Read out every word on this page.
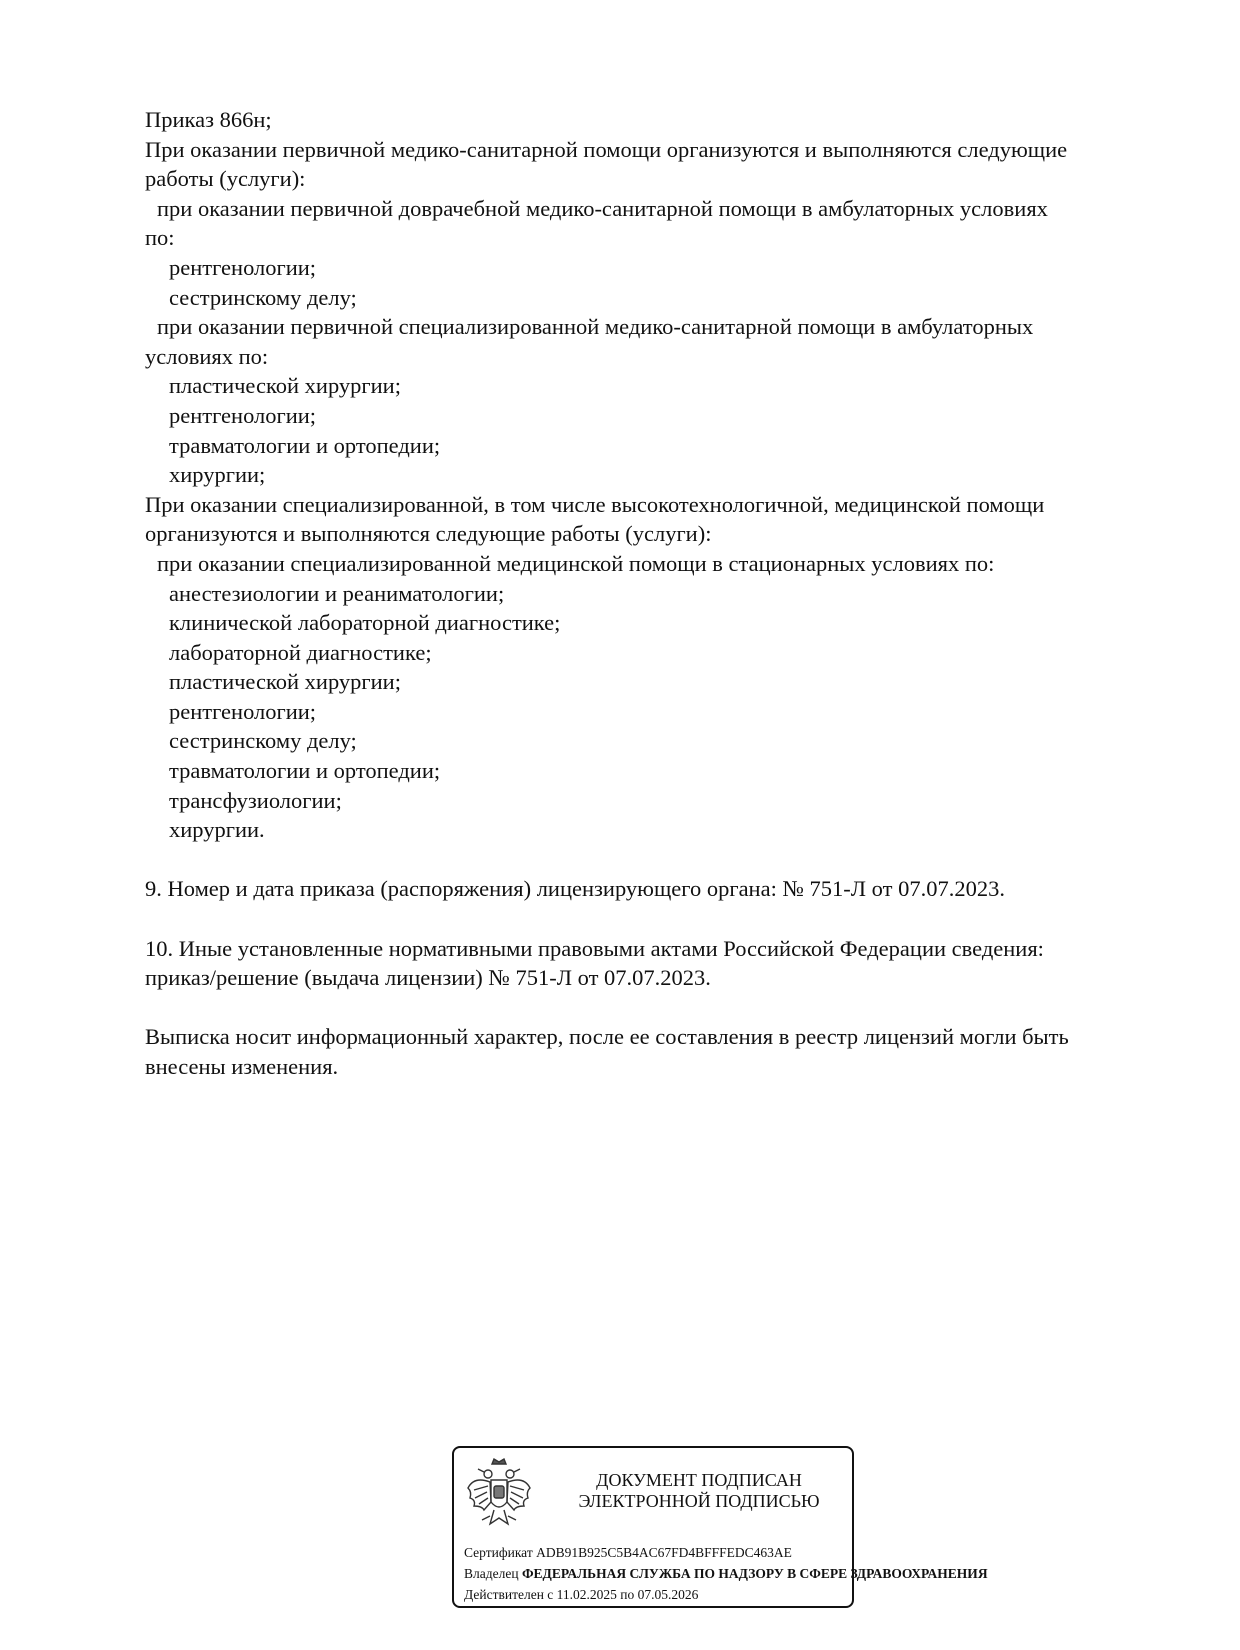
Приказ 866н;
При оказании первичной медико-санитарной помощи организуются и выполняются следующие
работы (услуги):
при оказании первичной доврачебной медико-санитарной помощи в амбулаторных условиях
по:
рентгенологии;
сестринскому делу;
при оказании первичной специализированной медико-санитарной помощи в амбулаторных
условиях по:
пластической хирургии;
рентгенологии;
травматологии и ортопедии;
хирургии;
При оказании специализированной, в том числе высокотехнологичной, медицинской помощи
организуются и выполняются следующие работы (услуги):
при оказании специализированной медицинской помощи в стационарных условиях по:
анестезиологии и реаниматологии;
клинической лабораторной диагностике;
лабораторной диагностике;
пластической хирургии;
рентгенологии;
сестринскому делу;
травматологии и ортопедии;
трансфузиологии;
хирургии.
9. Номер и дата приказа (распоряжения) лицензирующего органа: № 751-Л от 07.07.2023.
10. Иные установленные нормативными правовыми актами Российской Федерации сведения:
приказ/решение (выдача лицензии) № 751-Л от 07.07.2023.
Выписка носит информационный характер, после ее составления в реестр лицензий могли быть
внесены изменения.
ДОКУМЕНТ ПОДПИСАН
ЭЛЕКТРОННОЙ ПОДПИСЬЮ
Сертификат ADB91B925C5B4AC67FD4BFFFEDC463AE
Владелец ФЕДЕРАЛЬНАЯ СЛУЖБА ПО НАДЗОРУ В СФЕРЕ ЗДРАВООХРАНЕНИЯ
Действителен с 11.02.2025 по 07.05.2026
